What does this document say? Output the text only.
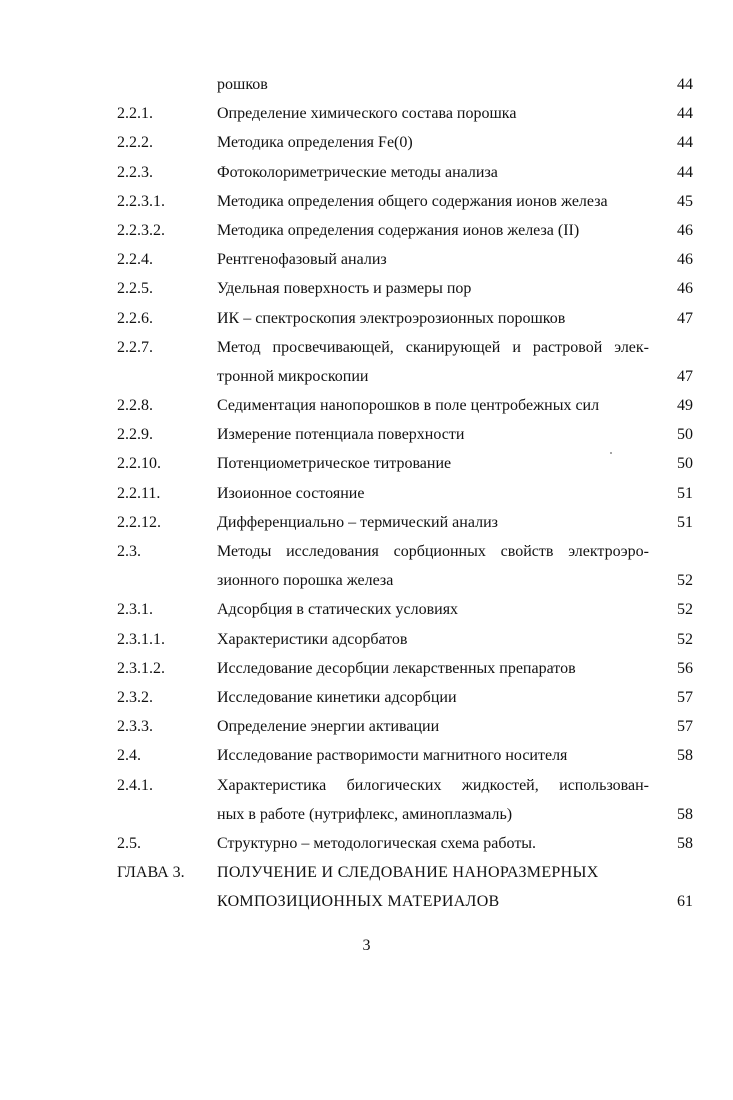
рошков	44
2.2.1.	Определение химического состава порошка	44
2.2.2.	Методика определения Fe(0)	44
2.2.3.	Фотоколориметрические методы анализа	44
2.2.3.1.	Методика определения общего содержания ионов железа	45
2.2.3.2.	Методика определения содержания ионов железа (II)	46
2.2.4.	Рентгенофазовый анализ	46
2.2.5.	Удельная поверхность и размеры пор	46
2.2.6.	ИК – спектроскопия электроэрозионных порошков	47
2.2.7.	Метод просвечивающей, сканирующей и растровой элек-
тронной микроскопии	47
2.2.8.	Седиментация нанопорошков в поле центробежных сил	49
2.2.9.	Измерение потенциала поверхности	50
2.2.10.	Потенциометрическое титрование	50
2.2.11.	Изоионное состояние	51
2.2.12.	Дифференциально – термический анализ	51
2.3.	Методы исследования сорбционных свойств электроэро-
зионного порошка железа	52
2.3.1.	Адсорбция в статических условиях	52
2.3.1.1.	Характеристики адсорбатов	52
2.3.1.2.	Исследование десорбции лекарственных препаратов	56
2.3.2.	Исследование кинетики адсорбции	57
2.3.3.	Определение энергии активации	57
2.4.	Исследование растворимости магнитного носителя	58
2.4.1.	Характеристика билогических жидкостей, использован-
ных в работе (нутрифлекс, аминоплазмаль)	58
2.5.	Структурно – методологическая схема работы.	58
ГЛАВА 3. ПОЛУЧЕНИЕ И СЛЕДОВАНИЕ НАНОРАЗМЕРНЫХ
КОМПОЗИЦИОННЫХ МАТЕРИАЛОВ	61
3
